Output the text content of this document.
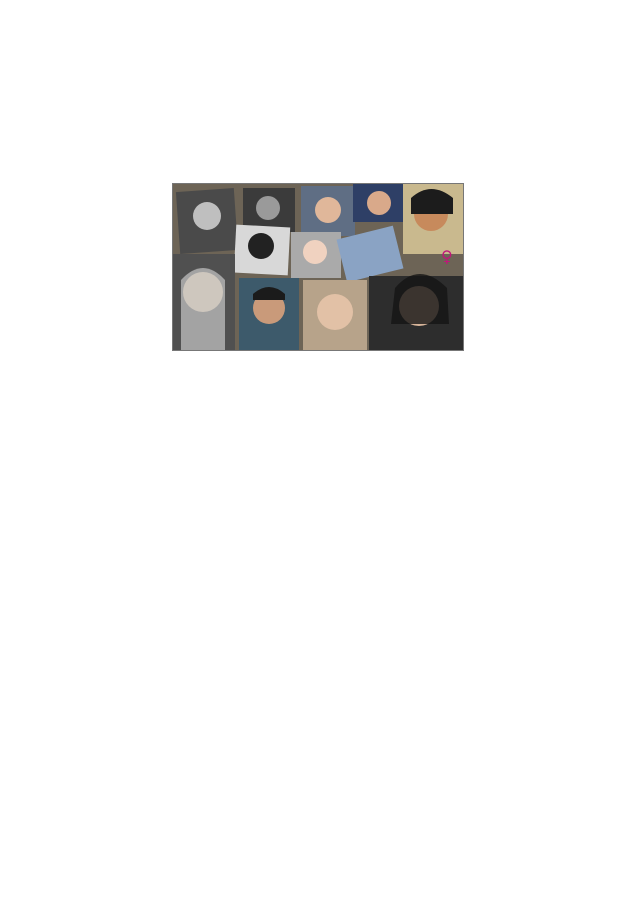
♀
